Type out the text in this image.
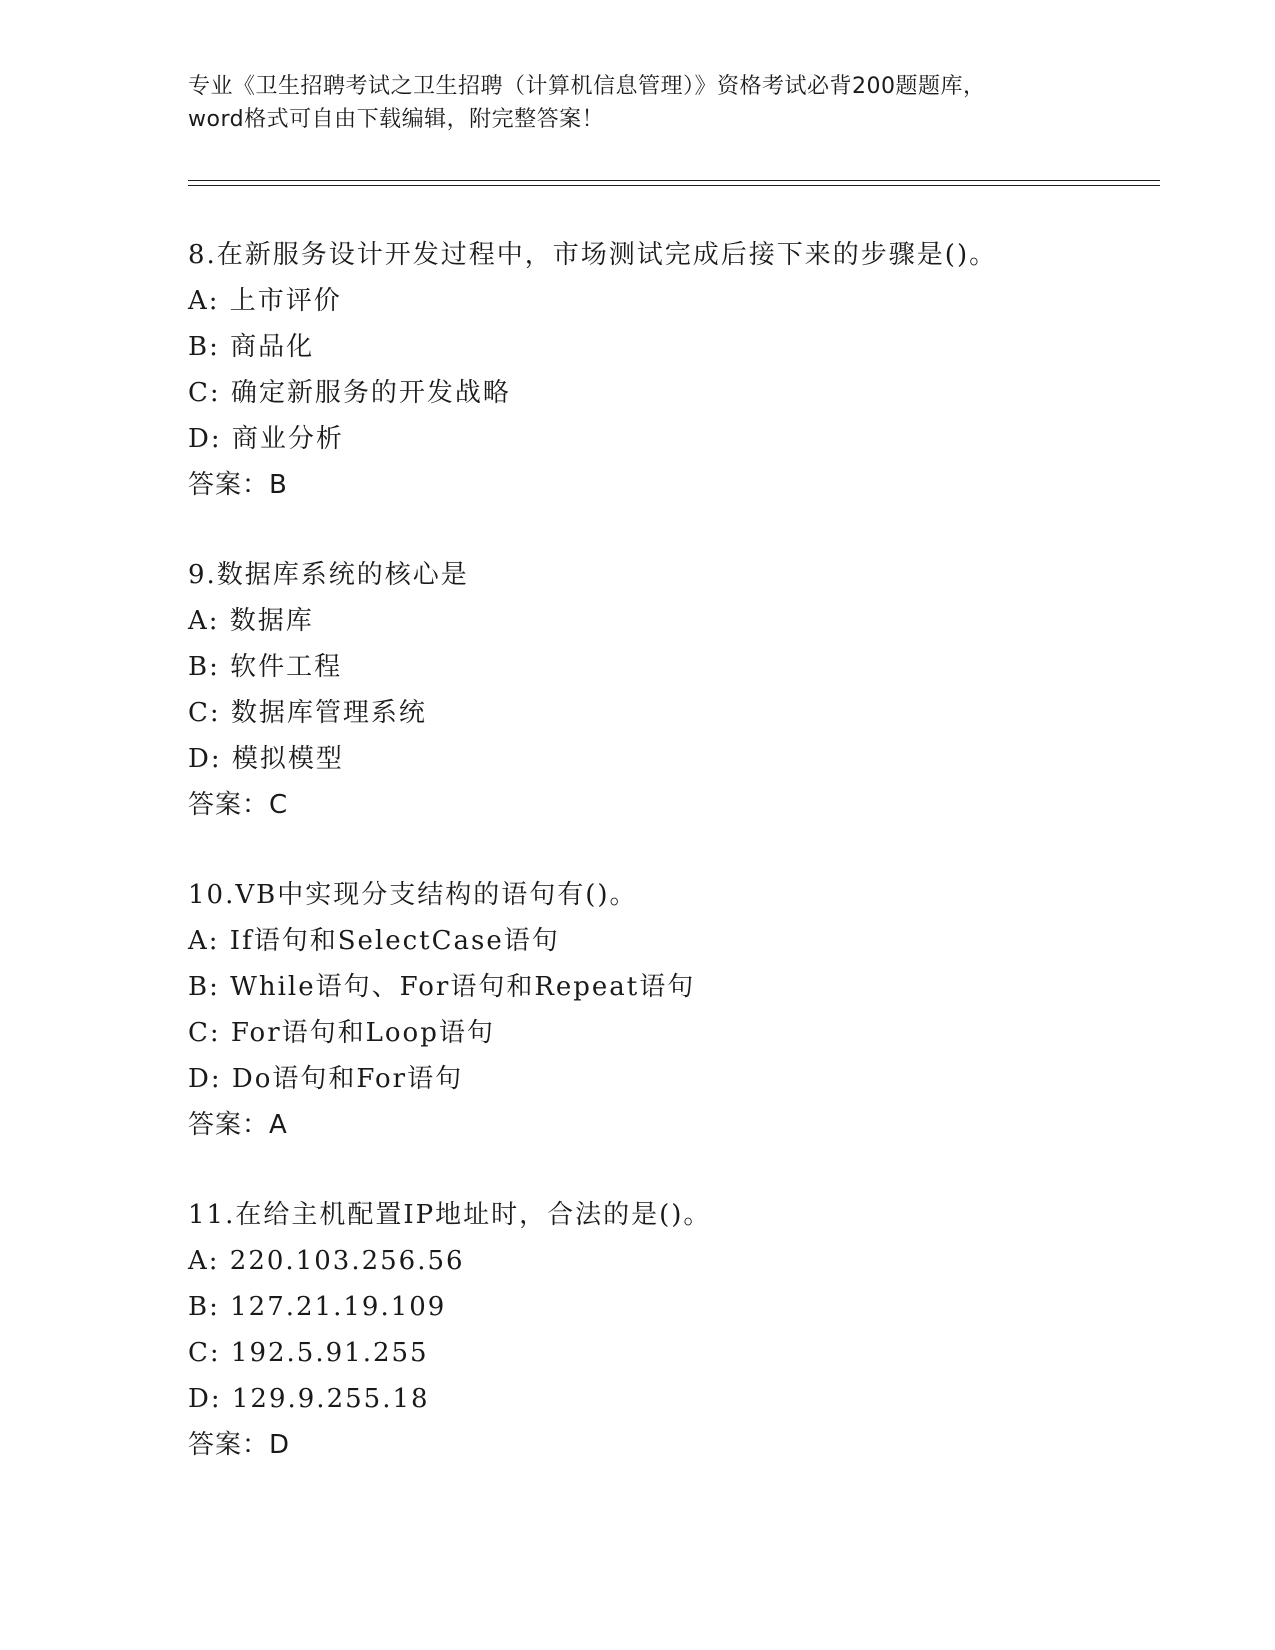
专业《卫生招聘考试之卫生招聘（计算机信息管理）》资格考试必背200题题库，
word格式可自由下载编辑，附完整答案！
8.在新服务设计开发过程中，市场测试完成后接下来的步骤是()。
A: 上市评价
B: 商品化
C: 确定新服务的开发战略
D: 商业分析
答案：B
9.数据库系统的核心是
A: 数据库
B: 软件工程
C: 数据库管理系统
D: 模拟模型
答案：C
10.VB中实现分支结构的语句有()。
A: If语句和SelectCase语句
B: While语句、For语句和Repeat语句
C: For语句和Loop语句
D: Do语句和For语句
答案：A
11.在给主机配置IP地址时，合法的是()。
A: 220.103.256.56
B: 127.21.19.109
C: 192.5.91.255
D: 129.9.255.18
答案：D
